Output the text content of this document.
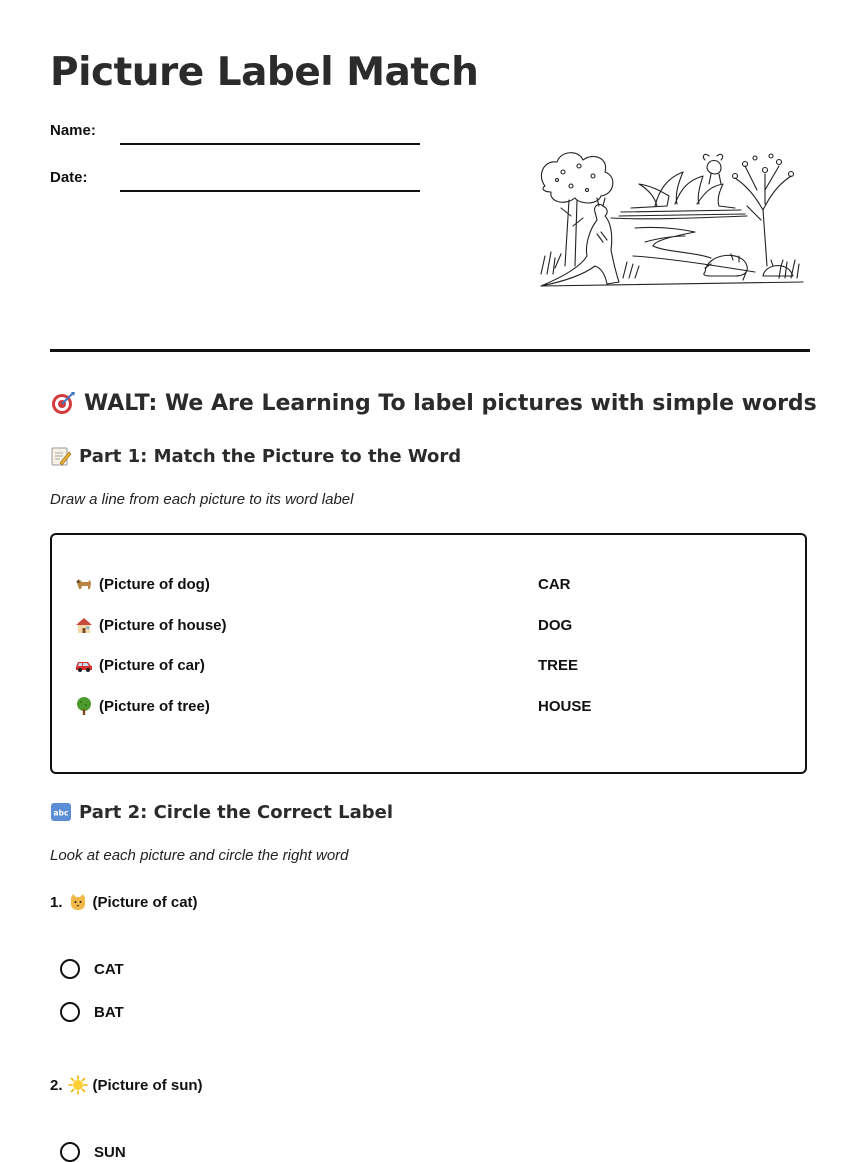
Picture Label Match
Name:
Date:
WALT: We Are Learning To label pictures with simple words
Part 1: Match the Picture to the Word
Draw a line from each picture to its word label
(Picture of dog)
(Picture of house)
(Picture of car)
(Picture of tree)
CAR
DOG
TREE
HOUSE
abc Part 2: Circle the Correct Label
Look at each picture and circle the right word
1. (Picture of cat)
CAT
BAT
2. (Picture of sun)
SUN
